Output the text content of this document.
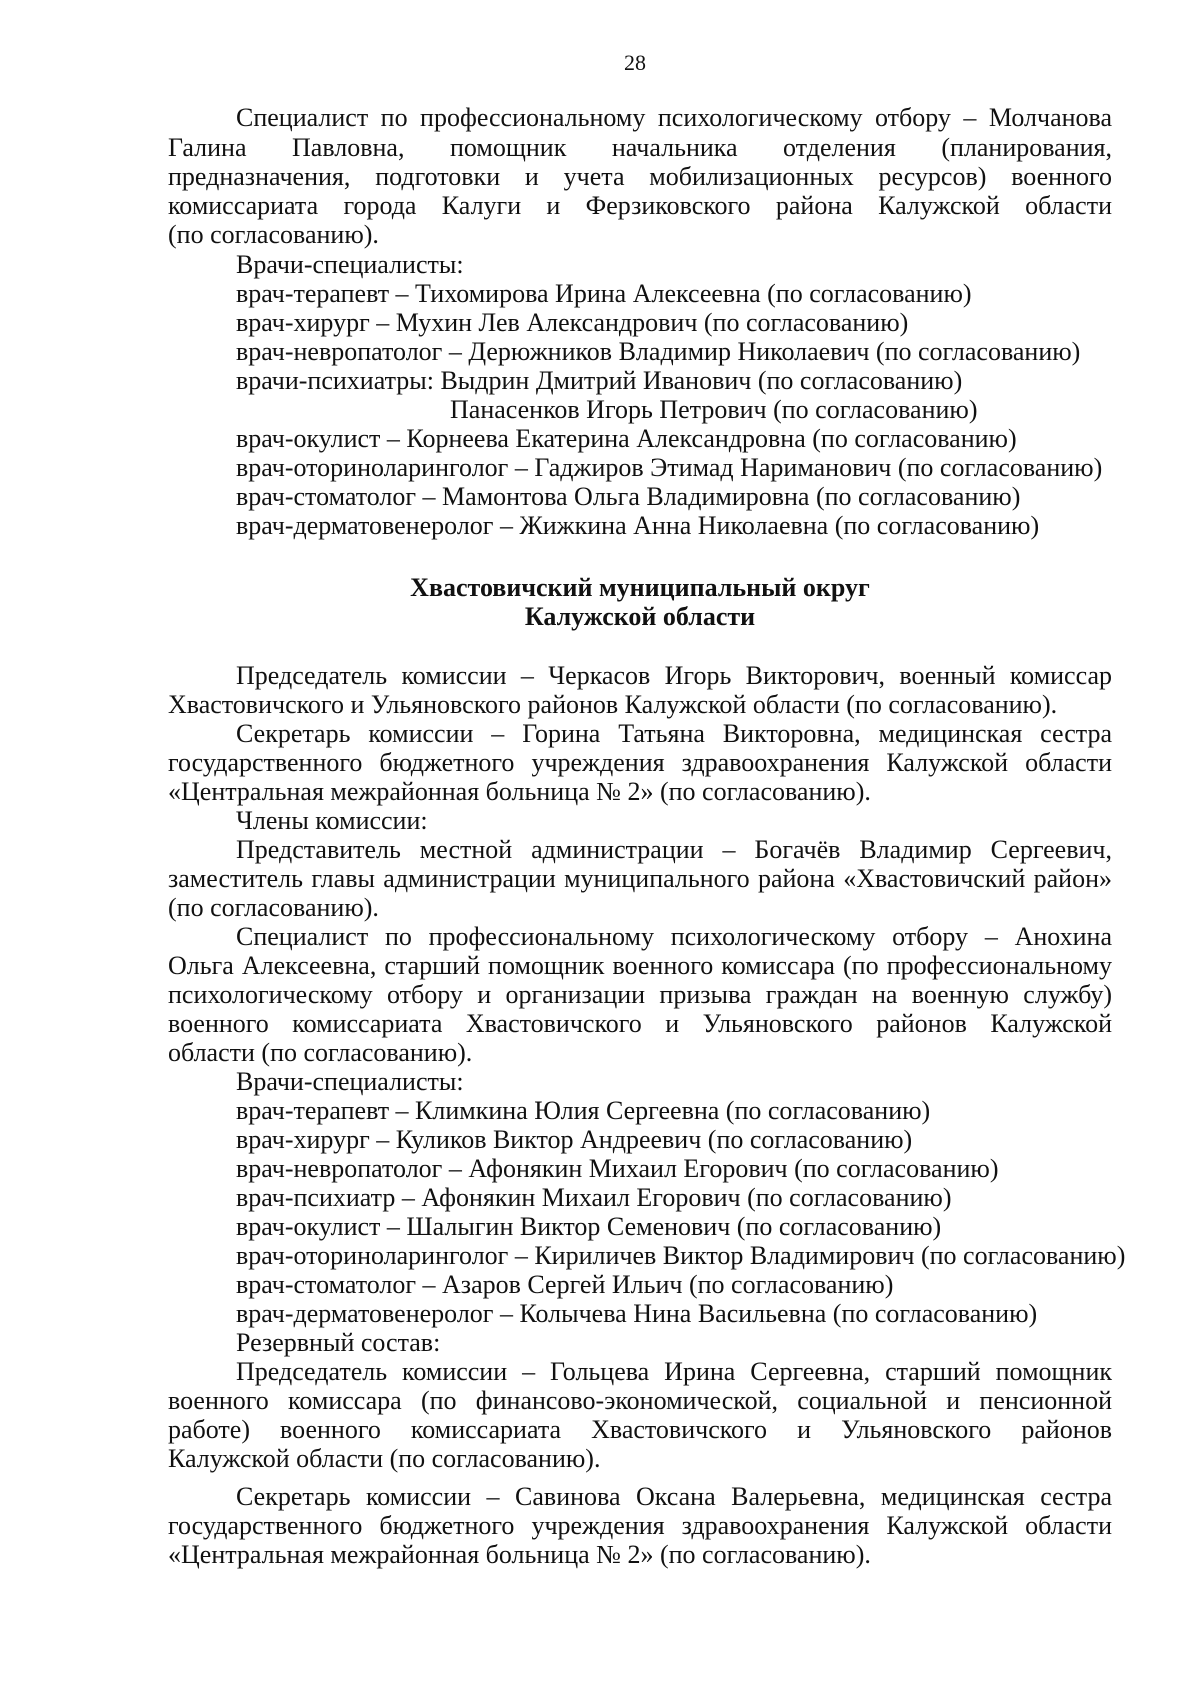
28
Специалист по профессиональному психологическому отбору – Молчанова
Галина Павловна, помощник начальника отделения (планирования,
предназначения, подготовки и учета мобилизационных ресурсов) военного
комиссариата города Калуги и Ферзиковского района Калужской области
(по согласованию).
Врачи-специалисты:
врач-терапевт – Тихомирова Ирина Алексеевна (по согласованию)
врач-хирург – Мухин Лев Александрович (по согласованию)
врач-невропатолог – Дерюжников Владимир Николаевич (по согласованию)
врачи-психиатры: Выдрин Дмитрий Иванович (по согласованию)
Панасенков Игорь Петрович (по согласованию)
врач-окулист – Корнеева Екатерина Александровна (по согласованию)
врач-оториноларинголог – Гаджиров Этимад Нариманович (по согласованию)
врач-стоматолог – Мамонтова Ольга Владимировна (по согласованию)
врач-дерматовенеролог – Жижкина Анна Николаевна (по согласованию)
Хвастовичский муниципальный округ
Калужской области
Председатель комиссии – Черкасов Игорь Викторович, военный комиссар
Хвастовичского и Ульяновского районов Калужской области (по согласованию).
Секретарь комиссии – Горина Татьяна Викторовна, медицинская сестра
государственного бюджетного учреждения здравоохранения Калужской области
«Центральная межрайонная больница № 2» (по согласованию).
Члены комиссии:
Представитель местной администрации – Богачёв Владимир Сергеевич,
заместитель главы администрации муниципального района «Хвастовичский район»
(по согласованию).
Специалист по профессиональному психологическому отбору – Анохина
Ольга Алексеевна, старший помощник военного комиссара (по профессиональному
психологическому отбору и организации призыва граждан на военную службу)
военного комиссариата Хвастовичского и Ульяновского районов Калужской
области (по согласованию).
Врачи-специалисты:
врач-терапевт – Климкина Юлия Сергеевна (по согласованию)
врач-хирург – Куликов Виктор Андреевич (по согласованию)
врач-невропатолог – Афонякин Михаил Егорович (по согласованию)
врач-психиатр – Афонякин Михаил Егорович (по согласованию)
врач-окулист – Шалыгин Виктор Семенович (по согласованию)
врач-оториноларинголог – Кириличев Виктор Владимирович (по согласованию)
врач-стоматолог – Азаров Сергей Ильич (по согласованию)
врач-дерматовенеролог – Колычева Нина Васильевна (по согласованию)
Резервный состав:
Председатель комиссии – Гольцева Ирина Сергеевна, старший помощник
военного комиссара (по финансово-экономической, социальной и пенсионной
работе) военного комиссариата Хвастовичского и Ульяновского районов
Калужской области (по согласованию).
Секретарь комиссии – Савинова Оксана Валерьевна, медицинская сестра
государственного бюджетного учреждения здравоохранения Калужской области
«Центральная межрайонная больница № 2» (по согласованию).
